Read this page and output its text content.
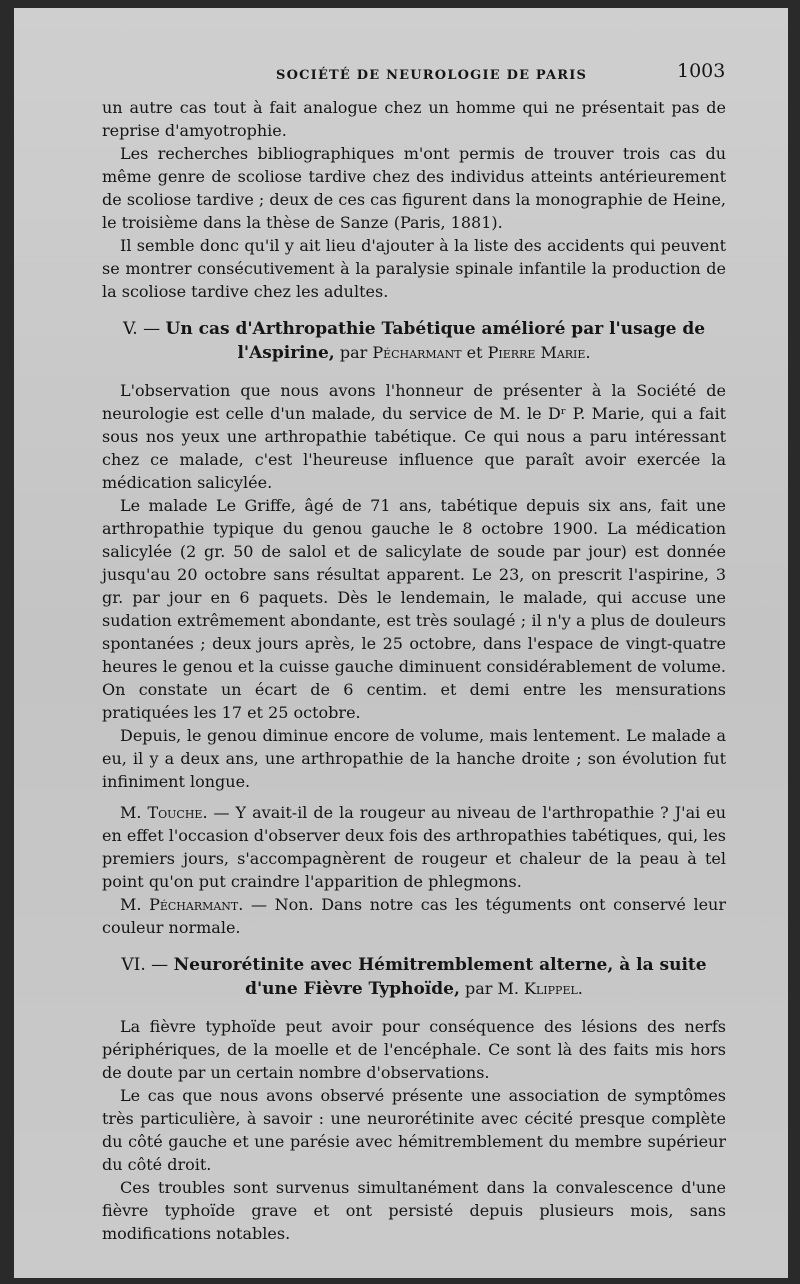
SOCIÉTÉ DE NEUROLOGIE DE PARIS	1003

un autre cas tout à fait analogue chez un homme qui ne présentait pas de reprise d'amyotrophie.

Les recherches bibliographiques m'ont permis de trouver trois cas du même genre de scoliose tardive chez des individus atteints antérieurement de scoliose tardive ; deux de ces cas figurent dans la monographie de Heine, le troisième dans la thèse de Sanze (Paris, 1881).

Il semble donc qu'il y ait lieu d'ajouter à la liste des accidents qui peuvent se montrer consécutivement à la paralysie spinale infantile la production de la scoliose tardive chez les adultes.

V. — Un cas d'Arthropathie Tabétique amélioré par l'usage de l'Aspirine, par Pécharmant et Pierre Marie.

L'observation que nous avons l'honneur de présenter à la Société de neurologie est celle d'un malade, du service de M. le Dʳ P. Marie, qui a fait sous nos yeux une arthropathie tabétique. Ce qui nous a paru intéressant chez ce malade, c'est l'heureuse influence que paraît avoir exercée la médication salicylée.

Le malade Le Griffe, âgé de 71 ans, tabétique depuis six ans, fait une arthropathie typique du genou gauche le 8 octobre 1900. La médication salicylée (2 gr. 50 de salol et de salicylate de soude par jour) est donnée jusqu'au 20 octobre sans résultat apparent. Le 23, on prescrit l'aspirine, 3 gr. par jour en 6 paquets. Dès le lendemain, le malade, qui accuse une sudation extrêmement abondante, est très soulagé ; il n'y a plus de douleurs spontanées ; deux jours après, le 25 octobre, dans l'espace de vingt-quatre heures le genou et la cuisse gauche diminuent considérablement de volume. On constate un écart de 6 centim. et demi entre les mensurations pratiquées les 17 et 25 octobre.

Depuis, le genou diminue encore de volume, mais lentement. Le malade a eu, il y a deux ans, une arthropathie de la hanche droite ; son évolution fut infiniment longue.

M. Touche. — Y avait-il de la rougeur au niveau de l'arthropathie ? J'ai eu en effet l'occasion d'observer deux fois des arthropathies tabétiques, qui, les premiers jours, s'accompagnèrent de rougeur et chaleur de la peau à tel point qu'on put craindre l'apparition de phlegmons.

M. Pécharmant. — Non. Dans notre cas les téguments ont conservé leur couleur normale.

VI. — Neurorétinite avec Hémitremblement alterne, à la suite d'une Fièvre Typhoïde, par M. Klippel.

La fièvre typhoïde peut avoir pour conséquence des lésions des nerfs périphériques, de la moelle et de l'encéphale. Ce sont là des faits mis hors de doute par un certain nombre d'observations.

Le cas que nous avons observé présente une association de symptômes très particulière, à savoir : une neurorétinite avec cécité presque complète du côté gauche et une parésie avec hémitremblement du membre supérieur du côté droit.

Ces troubles sont survenus simultanément dans la convalescence d'une fièvre typhoïde grave et ont persisté depuis plusieurs mois, sans modifications notables.
